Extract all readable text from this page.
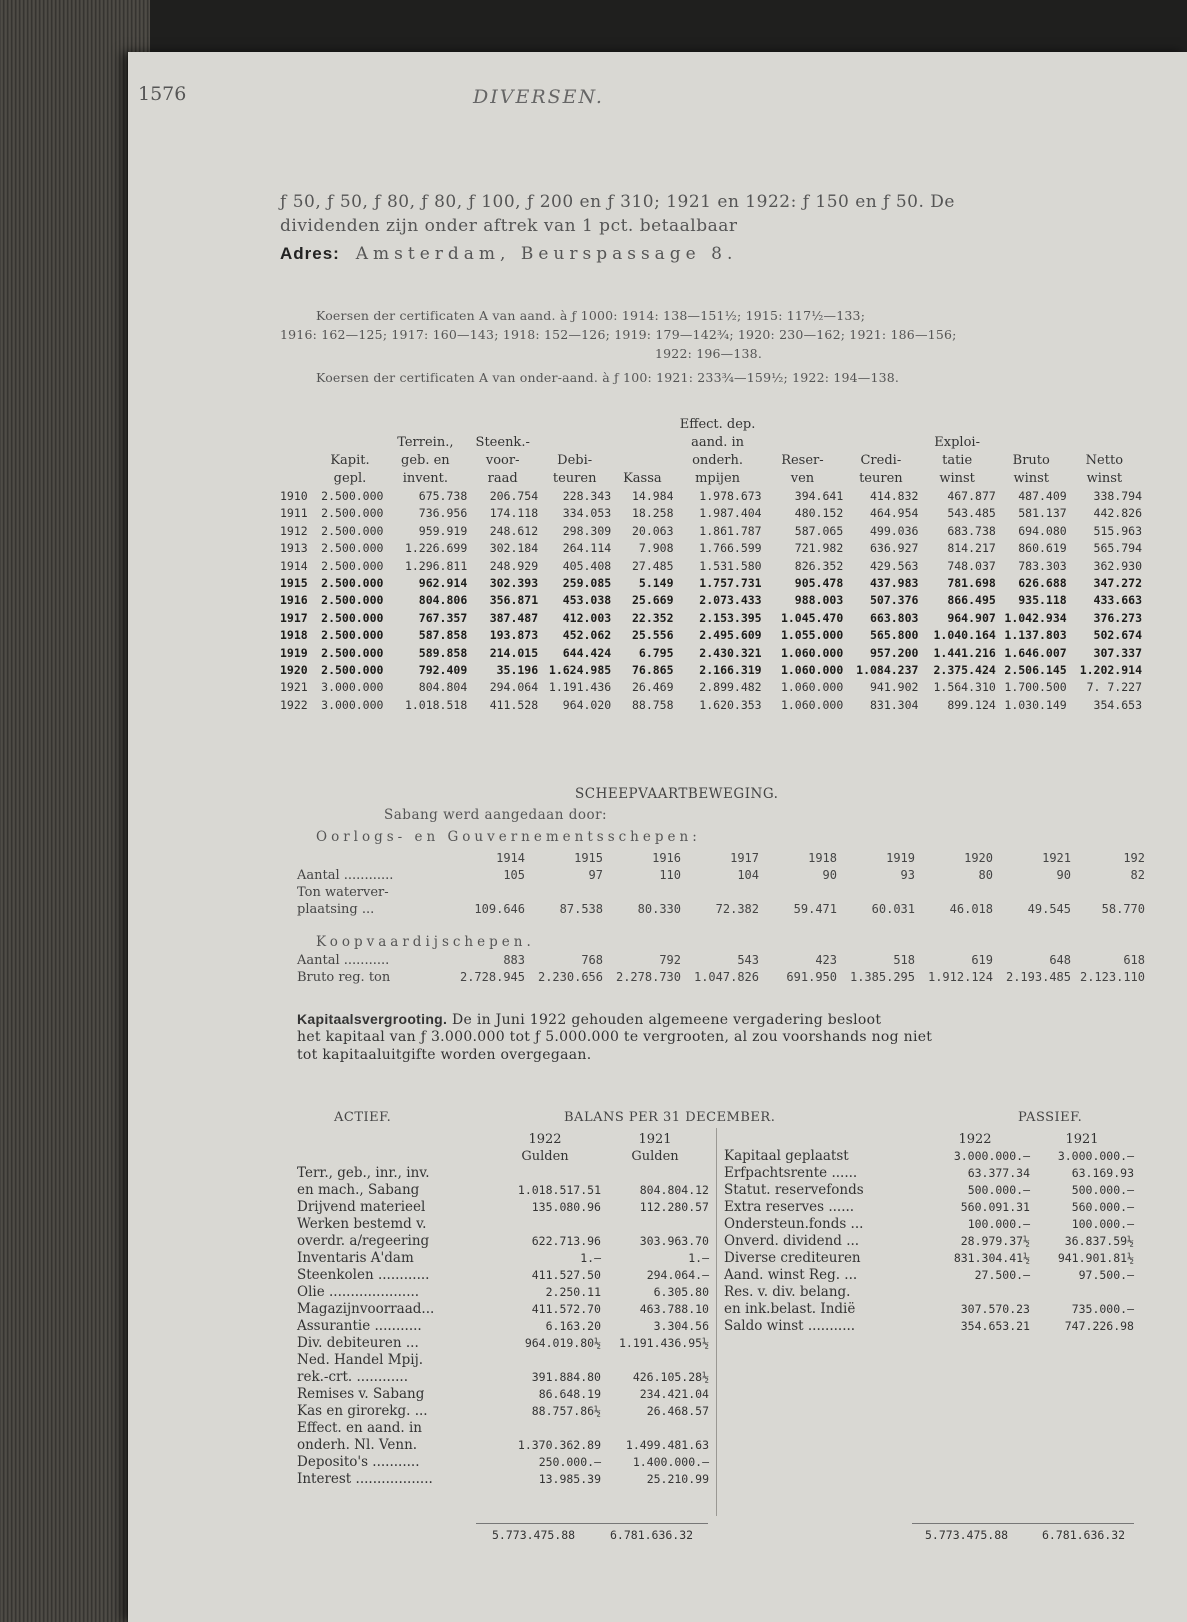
1576	DIVERSEN.
ƒ 50, ƒ 50, ƒ 80, ƒ 80, ƒ 100, ƒ 200 en ƒ 310; 1921 en 1922: ƒ 150 en ƒ 50. De
dividenden zijn onder aftrek van 1 pct. betaalbaar
Adres: Amsterdam, Beurspassage 8.
Koersen der certificaten A van aand. à ƒ 1000: 1914: 138—151½; 1915: 117½—133;
1916: 162—125; 1917: 160—143; 1918: 152—126; 1919: 179—142¾; 1920: 230—162; 1921: 186—156;
1922: 196—138.
Koersen der certificaten A van onder-aand. à ƒ 100: 1921: 233¾—159½; 1922: 194—138.
						Effect. dep.					
		Terrein.,	Steenk.-			aand. in			Exploi-		
	Kapit.	geb. en	voor-	Debi-		onderh.	Reser-	Credi-	tatie	Bruto	Netto
	gepl.	invent.	raad	teuren	Kassa	mpijen	ven	teuren	winst	winst	winst
1910	2.500.000	675.738	206.754	228.343	14.984	1.978.673	394.641	414.832	467.877	487.409	338.794
1911	2.500.000	736.956	174.118	334.053	18.258	1.987.404	480.152	464.954	543.485	581.137	442.826
1912	2.500.000	959.919	248.612	298.309	20.063	1.861.787	587.065	499.036	683.738	694.080	515.963
1913	2.500.000	1.226.699	302.184	264.114	7.908	1.766.599	721.982	636.927	814.217	860.619	565.794
1914	2.500.000	1.296.811	248.929	405.408	27.485	1.531.580	826.352	429.563	748.037	783.303	362.930
1915	2.500.000	962.914	302.393	259.085	5.149	1.757.731	905.478	437.983	781.698	626.688	347.272
1916	2.500.000	804.806	356.871	453.038	25.669	2.073.433	988.003	507.376	866.495	935.118	433.663
1917	2.500.000	767.357	387.487	412.003	22.352	2.153.395	1.045.470	663.803	964.907	1.042.934	376.273
1918	2.500.000	587.858	193.873	452.062	25.556	2.495.609	1.055.000	565.800	1.040.164	1.137.803	502.674
1919	2.500.000	589.858	214.015	644.424	6.795	2.430.321	1.060.000	957.200	1.441.216	1.646.007	307.337
1920	2.500.000	792.409	35.196	1.624.985	76.865	2.166.319	1.060.000	1.084.237	2.375.424	2.506.145	1.202.914
1921	3.000.000	804.804	294.064	1.191.436	26.469	2.899.482	1.060.000	941.902	1.564.310	1.700.500	7. 7.227
1922	3.000.000	1.018.518	411.528	964.020	88.758	1.620.353	1.060.000	831.304	899.124	1.030.149	354.653
SCHEEPVAARTBEWEGING.
Sabang werd aangedaan door:
Oorlogs- en Gouvernementsschepen:
	1914	1915	1916	1917	1918	1919	1920	1921	192
Aantal ............	105	97	110	104	90	93	80	90	82
Ton waterver-									
plaatsing ...	109.646	87.538	80.330	72.382	59.471	60.031	46.018	49.545	58.770
Koopvaardijschepen.
Aantal ...........	883	768	792	543	423	518	619	648	618
Bruto reg. ton	2.728.945	2.230.656	2.278.730	1.047.826	691.950	1.385.295	1.912.124	2.193.485	2.123.110
Kapitaalsvergrooting. De in Juni 1922 gehouden algemeene vergadering besloot
het kapitaal van ƒ 3.000.000 tot ƒ 5.000.000 te vergrooten, al zou voorshands nog niet
tot kapitaaluitgifte worden overgegaan.
ACTIEF.	BALANS PER 31 DECEMBER.	PASSIEF.
	1922	1921
	Gulden	Gulden
Terr., geb., inr., inv.		
en mach., Sabang	1.018.517.51	804.804.12
Drijvend materieel	135.080.96	112.280.57
Werken bestemd v.		
overdr. a/regeering	622.713.96	303.963.70
Inventaris A'dam	1.—	1.—
Steenkolen ............	411.527.50	294.064.—
Olie .....................	2.250.11	6.305.80
Magazijnvoorraad...	411.572.70	463.788.10
Assurantie ...........	6.163.20	3.304.56
Div. debiteuren ...	964.019.80½	1.191.436.95½
Ned. Handel Mpij.		
rek.-crt. ............	391.884.80	426.105.28½
Remises v. Sabang	86.648.19	234.421.04
Kas en girorekg. ...	88.757.86½	26.468.57
Effect. en aand. in		
onderh. Nl. Venn.	1.370.362.89	1.499.481.63
Deposito's ...........	250.000.—	1.400.000.—
Interest ..................	13.985.39	25.210.99
	1922	1921
Kapitaal geplaatst	3.000.000.—	3.000.000.—
Erfpachtsrente ......	63.377.34	63.169.93
Statut. reservefonds	500.000.—	500.000.—
Extra reserves ......	560.091.31	560.000.—
Ondersteun.fonds ...	100.000.—	100.000.—
Onverd. dividend ...	28.979.37½	36.837.59½
Diverse crediteuren	831.304.41½	941.901.81½
Aand. winst Reg. ...	27.500.—	97.500.—
Res. v. div. belang.		
en ink.belast. Indië	307.570.23	735.000.—
Saldo winst ...........	354.653.21	747.226.98
5.773.475.88	6.781.636.32	5.773.475.88	6.781.636.32
